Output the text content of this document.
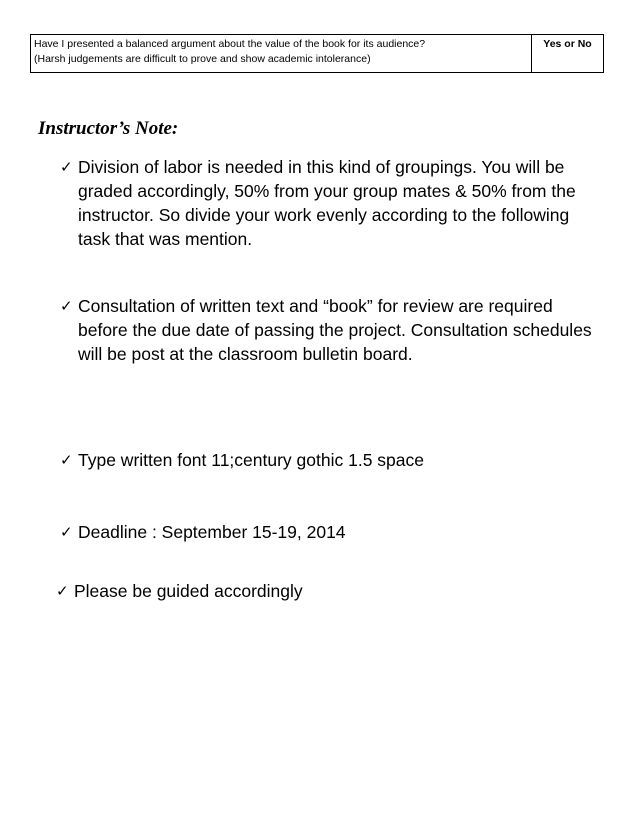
Have I presented a balanced argument about the value of the book for its audience?
(Harsh judgements are difficult to prove and show academic intolerance)	Yes or No

Instructor’s Note:

✓ Division of labor is needed in this kind of groupings. You will be graded accordingly, 50% from your group mates & 50% from the instructor. So divide your work evenly according to the following task that was mention.
✓ Consultation of written text and “book” for review are required before the due date of passing the project. Consultation schedules will be post at the classroom bulletin board.
✓ Type written font 11;century gothic 1.5 space
✓ Deadline : September 15-19, 2014
✓ Please be guided accordingly
